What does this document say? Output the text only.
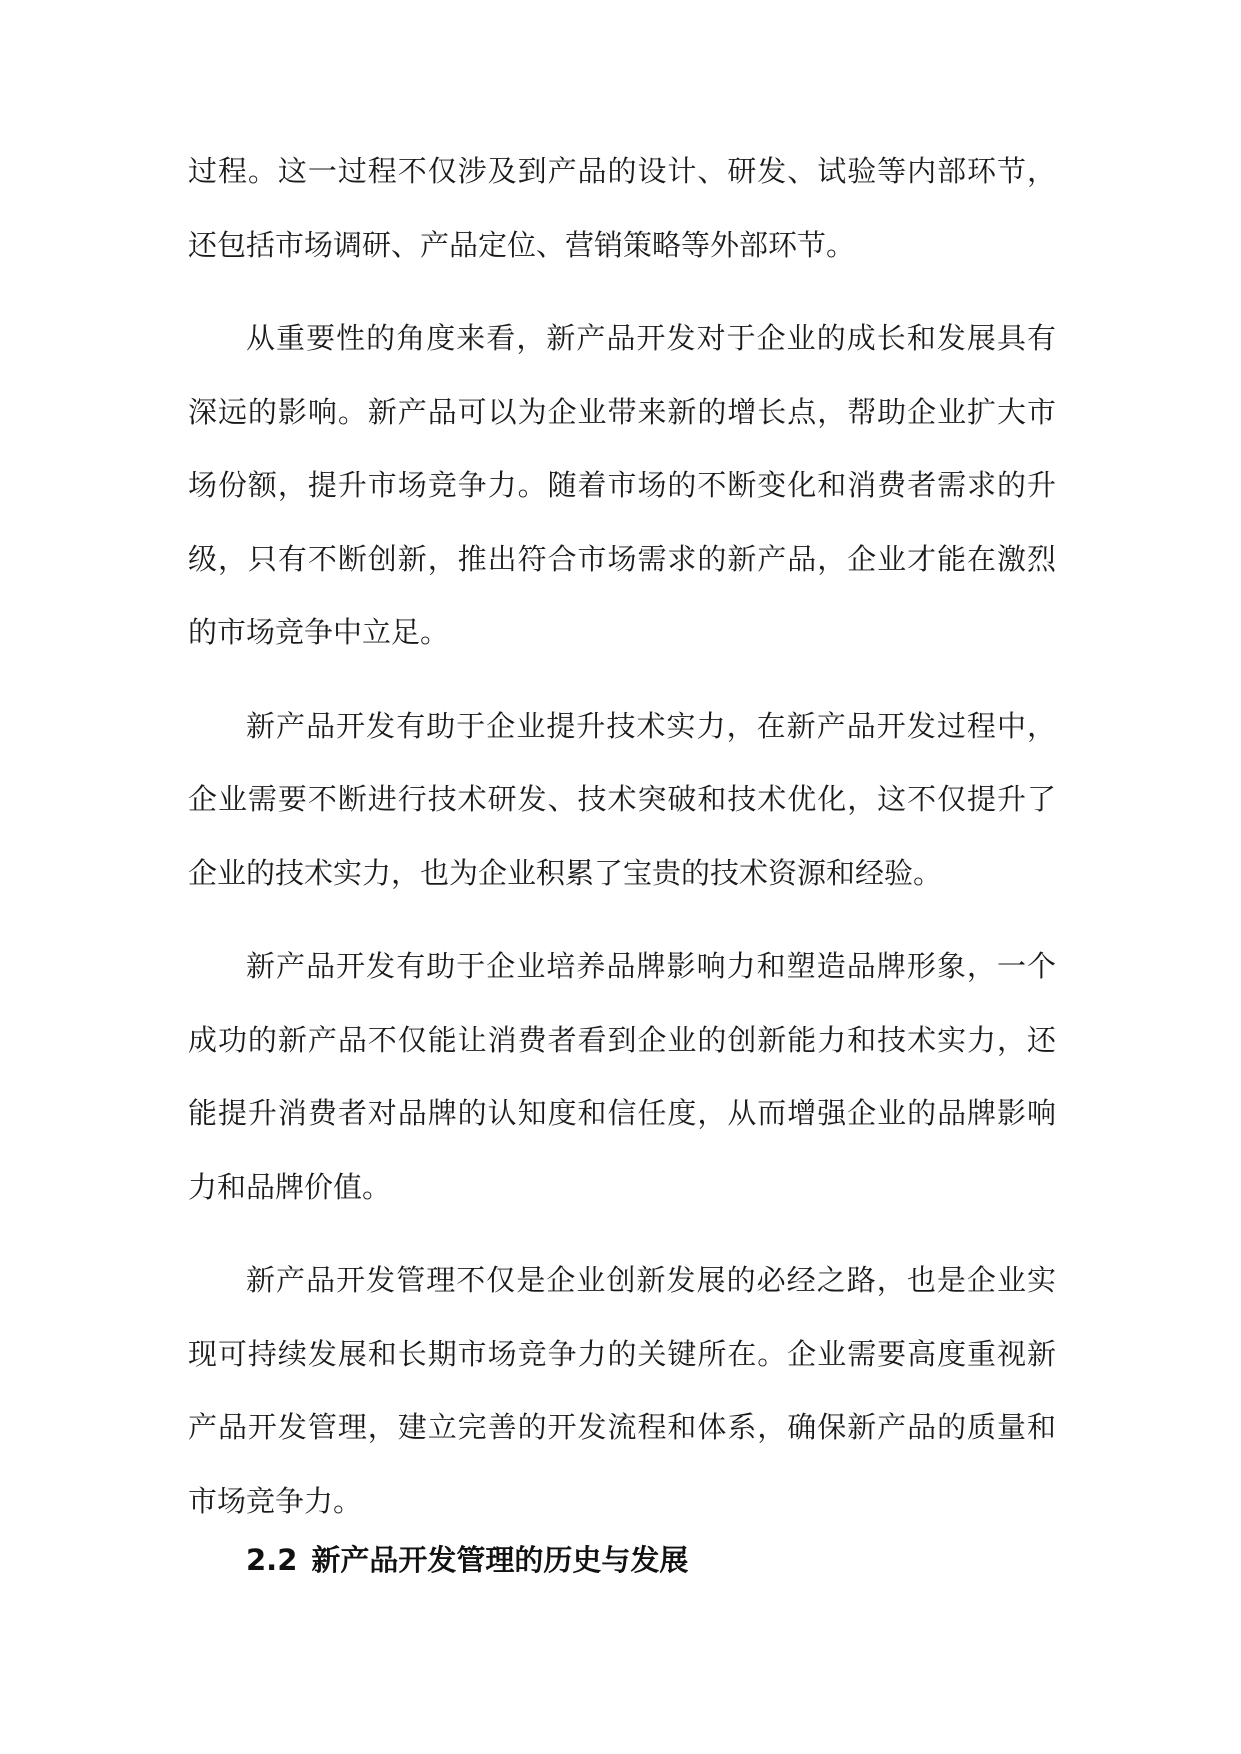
过程。这一过程不仅涉及到产品的设计、研发、试验等内部环节，还包括市场调研、产品定位、营销策略等外部环节。

从重要性的角度来看，新产品开发对于企业的成长和发展具有深远的影响。新产品可以为企业带来新的增长点，帮助企业扩大市场份额，提升市场竞争力。随着市场的不断变化和消费者需求的升级，只有不断创新，推出符合市场需求的新产品，企业才能在激烈的市场竞争中立足。

新产品开发有助于企业提升技术实力，在新产品开发过程中，企业需要不断进行技术研发、技术突破和技术优化，这不仅提升了企业的技术实力，也为企业积累了宝贵的技术资源和经验。

新产品开发有助于企业培养品牌影响力和塑造品牌形象，一个成功的新产品不仅能让消费者看到企业的创新能力和技术实力，还能提升消费者对品牌的认知度和信任度，从而增强企业的品牌影响力和品牌价值。

新产品开发管理不仅是企业创新发展的必经之路，也是企业实现可持续发展和长期市场竞争力的关键所在。企业需要高度重视新产品开发管理，建立完善的开发流程和体系，确保新产品的质量和市场竞争力。

2.2 新产品开发管理的历史与发展
